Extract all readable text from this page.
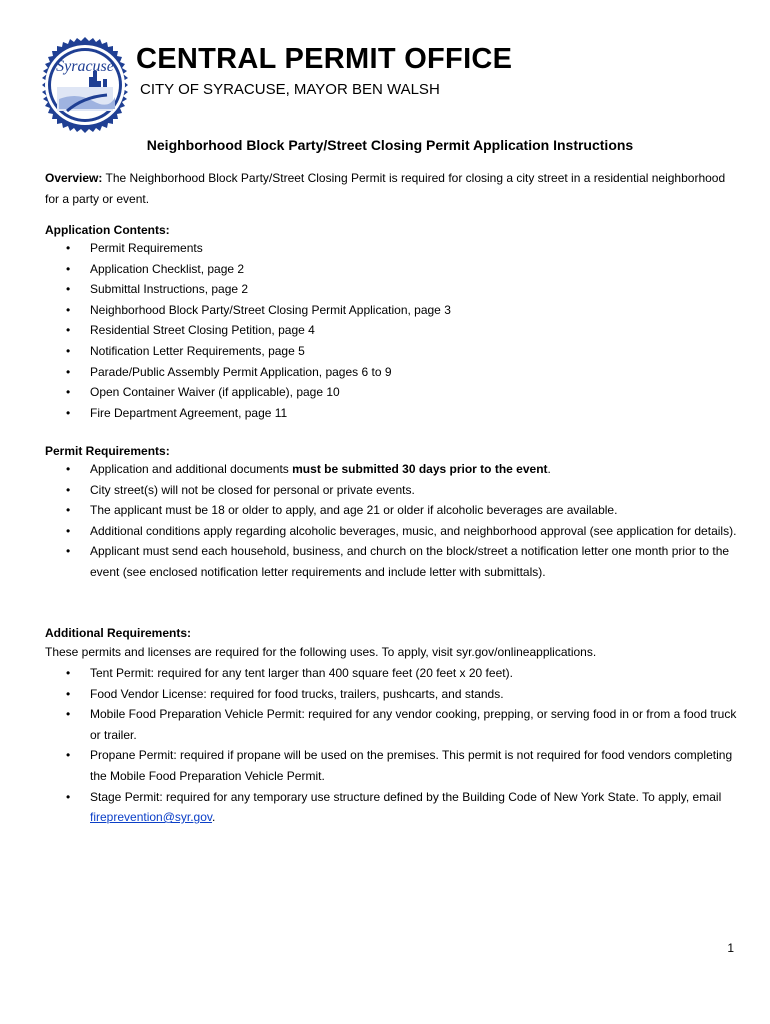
Syracuse CENTRAL PERMIT OFFICE
CITY OF SYRACUSE, MAYOR BEN WALSH
Neighborhood Block Party/Street Closing Permit Application Instructions

Overview: The Neighborhood Block Party/Street Closing Permit is required for closing a city street in a residential neighborhood for a party or event.

Application Contents:

• Permit Requirements
• Application Checklist, page 2
• Submittal Instructions, page 2
• Neighborhood Block Party/Street Closing Permit Application, page 3
• Residential Street Closing Petition, page 4
• Notification Letter Requirements, page 5
• Parade/Public Assembly Permit Application, pages 6 to 9
• Open Container Waiver (if applicable), page 10
• Fire Department Agreement, page 11

Permit Requirements:

• Application and additional documents must be submitted 30 days prior to the event.
• City street(s) will not be closed for personal or private events.
• The applicant must be 18 or older to apply, and age 21 or older if alcoholic beverages are available.
• Additional conditions apply regarding alcoholic beverages, music, and neighborhood approval (see application for details).
• Applicant must send each household, business, and church on the block/street a notification letter one month prior to the event (see enclosed notification letter requirements and include letter with submittals).

Additional Requirements:

These permits and licenses are required for the following uses. To apply, visit syr.gov/onlineapplications.

• Tent Permit: required for any tent larger than 400 square feet (20 feet x 20 feet).
• Food Vendor License: required for food trucks, trailers, pushcarts, and stands.
• Mobile Food Preparation Vehicle Permit: required for any vendor cooking, prepping, or serving food in or from a food truck or trailer.
• Propane Permit: required if propane will be used on the premises. This permit is not required for food vendors completing the Mobile Food Preparation Vehicle Permit.
• Stage Permit: required for any temporary use structure defined by the Building Code of New York State. To apply, email fireprevention@syr.gov.
1
